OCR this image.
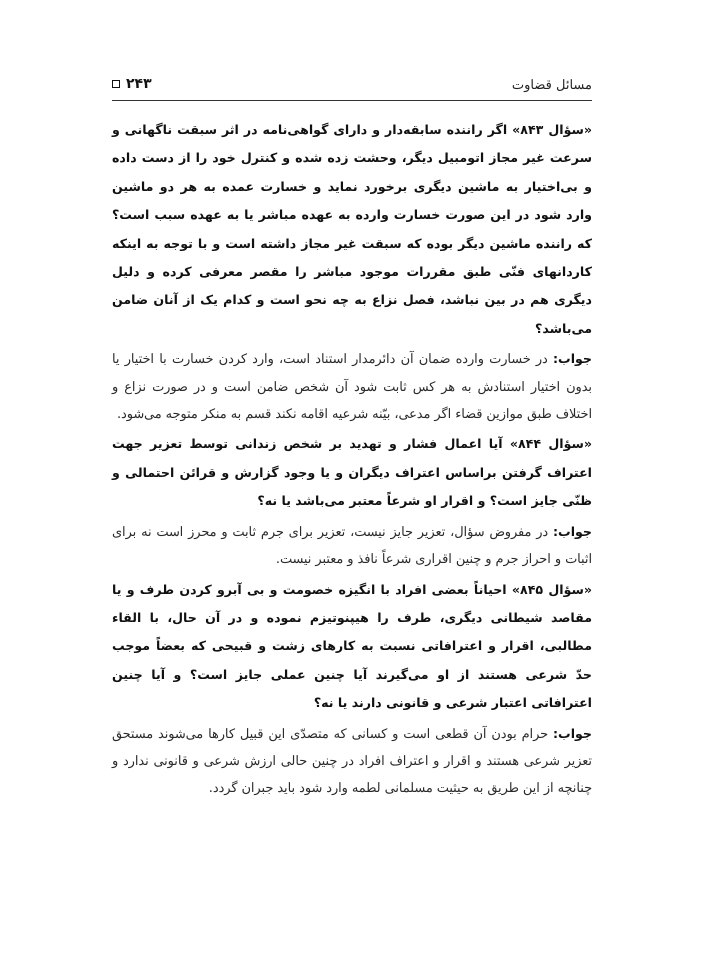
مسائل قضاوت
۲۴۳

«سؤال ۸۴۳» اگر راننده سابقه‌دار و دارای گواهی‌نامه در اثر سبقت ناگهانی و سرعت غیر مجاز اتومبیل دیگر، وحشت زده شده و کنترل خود را از دست داده و بی‌اختیار به ماشین دیگری برخورد نماید و خسارت عمده به هر دو ماشین وارد شود در این صورت خسارت وارده به عهده مباشر یا به عهده سبب است؟ که راننده ماشین دیگر بوده که سبقت غیر مجاز داشته است و با توجه به اینکه کاردانهای فنّی طبق مقررات موجود مباشر را مقصر معرفی کرده و دلیل دیگری هم در بین نباشد، فصل نزاع به چه نحو است و کدام یک از آنان ضامن می‌باشد؟

جواب: در خسارت وارده ضمان آن دائرمدار استناد است، وارد کردن خسارت با اختیار یا بدون اختیار استنادش به هر کس ثابت شود آن شخص ضامن است و در صورت نزاع و اختلاف طبق موازین قضاء اگر مدعی، بیّنه شرعیه اقامه نکند قسم به منکر متوجه می‌شود.

«سؤال ۸۴۴» آیا اعمال فشار و تهدید بر شخص زندانی توسط تعزیر جهت اعتراف گرفتن براساس اعتراف دیگران و یا وجود گزارش و قرائن احتمالی و ظنّی جایز است؟ و اقرار او شرعاً معتبر می‌باشد یا نه؟

جواب: در مفروض سؤال، تعزیر جایز نیست، تعزیر برای جرم ثابت و محرز است نه برای اثبات و احراز جرم و چنین اقراری شرعاً نافذ و معتبر نیست.

«سؤال ۸۴۵» احیاناً بعضی افراد با انگیزه خصومت و بی آبرو کردن طرف و یا مقاصد شیطانی دیگری، طرف را هیپنوتیزم نموده و در آن حال، با القاء مطالبی، اقرار و اعترافاتی نسبت به کارهای زشت و قبیحی که بعضاً موجب حدّ شرعی هستند از او می‌گیرند آیا چنین عملی جایز است؟ و آیا چنین اعترافاتی اعتبار شرعی و قانونی دارند یا نه؟

جواب: حرام بودن آن قطعی است و کسانی که متصدّی این قبیل کارها می‌شوند مستحق تعزیر شرعی هستند و اقرار و اعتراف افراد در چنین حالی ارزش شرعی و قانونی ندارد و چنانچه از این طریق به حیثیت مسلمانی لطمه وارد شود باید جبران گردد.
